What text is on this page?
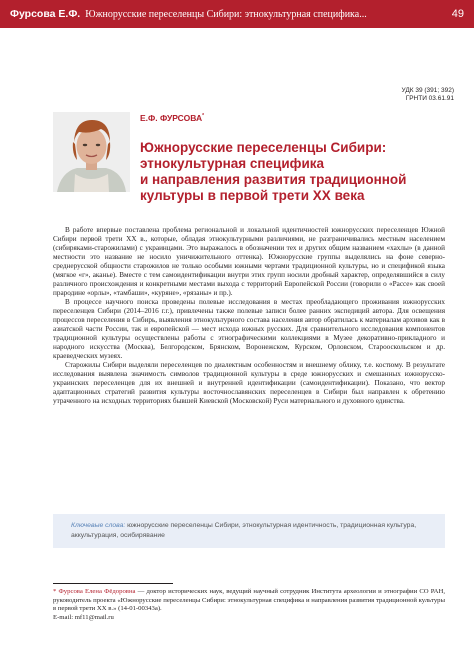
Фурсова Е.Ф. Южнорусские переселенцы Сибири: этнокультурная специфика...	49
УДК 39 (391; 392)
ГРНТИ 03.61.91
Е.Ф. ФУРСОВА*
Южнорусские переселенцы Сибири:
этнокультурная специфика
и направления развития традиционной
культуры в первой трети XX века

В работе впервые поставлена проблема региональной и локальной идентичностей южнорусских переселенцев Южной Сибири первой трети XX в., которые, обладая этнокультурными различиями, не разграничивались местным населением (сибиряками-старожилами) с украинцами. Это выражалось в обозначении тех и других общим названием «хахлы» (в данной местности это название не носило уничижительного оттенка). Южнорусские группы выделялись на фоне северно-среднерусской общности старожилов не только особыми южными чертами традиционной культуры, но и спецификой языка (мягкое «г», аканье). Вместе с тем самоидентификации внутри этих групп носили дробный характер, определявшийся в силу различного происхождения и конкретными местами выхода с территорий Европейской России (говорили о «Рассе» как своей прародине «орлы», «тамбаши», «куряне», «рязаны» и пр.).

В процессе научного поиска проведены полевые исследования в местах преобладающего проживания южнорусских переселенцев Сибири (2014–2016 г.г.), привлечены также полевые записи более ранних экспедиций автора. Для освещения процессов переселения в Сибирь, выявления этнокультурного состава населения автор обратилась к материалам архивов как в азиатской части России, так и европейской — мест исхода южных русских. Для сравнительного исследования компонентов традиционной культуры осуществлены работы с этнографическими коллекциями в Музее декоративно-прикладного и народного искусства (Москва), Белгородском, Брянском, Воронежском, Курском, Орловском, Старооскольском и др. краеведческих музеях.

Старожилы Сибири выделяли переселенцев по диалектным особенностям и внешнему облику, т.е. костюму. В результате исследования выявлена значимость символов традиционной культуры в среде южнорусских и смешанных южнорусско-украинских переселенцев для их внешней и внутренней идентификации (самоидентификации). Показано, что вектор адаптационных стратегий развития культуры восточнославянских переселенцев в Сибири был направлен к обретению утраченного на исходных территориях бывшей Киевской (Московской) Руси материального и духовного единства.

Ключевые слова: южнорусские переселенцы Сибири, этнокультурная идентичность, традиционная культура, аккультурация, осибирявание
* Фурсова Елена Фёдоровна — доктор исторических наук, ведущий научный сотрудник Института археологии и этнографии СО РАН, руководитель проекта «Южнорусские переселенцы Сибири: этнокультурная специфика и направления развития традиционной культуры в первой трети XX в.» (14-01-00343а).
E-mail: mf11@mail.ru
